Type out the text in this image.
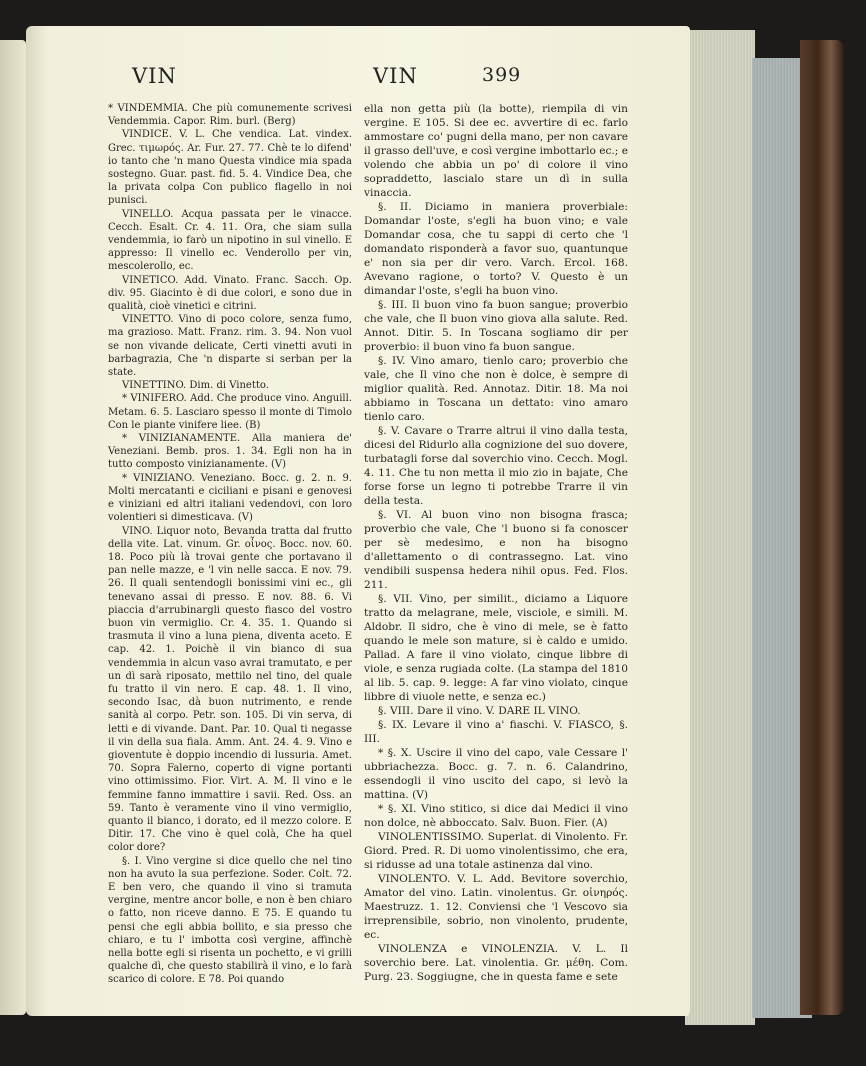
VIN	VIN	399

* VINDEMMIA. Che più comunemente scrivesi Vendemmia. Capor. Rim. burl. (Berg)

VINDICE. V. L. Che vendica. Lat. vindex. Grec. τιμωρός. Ar. Fur. 27. 77. Chè te lo difend' io tanto che 'n mano Questa vindice mia spada sostegno. Guar. past. fid. 5. 4. Vindice Dea, che la privata colpa Con publico flagello in noi punisci.

VINELLO. Acqua passata per le vinacce. Cecch. Esalt. Cr. 4. 11. Ora, che siam sulla vendemmia, io farò un nipotino in sul vinello. E appresso: Il vinello ec. Venderollo per vin, mescolerollo, ec.

VINETICO. Add. Vinato. Franc. Sacch. Op. div. 95. Giacinto è di due colori, e sono due in qualità, cioè vinetici e citrini.

VINETTO. Vino di poco colore, senza fumo, ma grazioso. Matt. Franz. rim. 3. 94. Non vuol se non vivande delicate, Certi vinetti avuti in barbagrazia, Che 'n disparte si serban per la state.

VINETTINO. Dim. di Vinetto.

* VINIFERO. Add. Che produce vino. Anguill. Metam. 6. 5. Lasciaro spesso il monte di Timolo Con le piante vinifere liee. (B)

* VINIZIANAMENTE. Alla maniera de' Veneziani. Bemb. pros. 1. 34. Egli non ha in tutto composto vinizianamente. (V)

* VINIZIANO. Veneziano. Bocc. g. 2. n. 9. Molti mercatanti e ciciliani e pisani e genovesi e viniziani ed altri italiani vedendovi, con loro volentieri si dimesticava. (V)

VINO. Liquor noto, Bevanda tratta dal frutto della vite. Lat. vinum. Gr. οἶνος. Bocc. nov. 60. 18. Poco più là trovai gente che portavano il pan nelle mazze, e 'l vin nelle sacca. E nov. 79. 26. Il quali sentendogli bonissimi vini ec., gli tenevano assai di presso. E nov. 88. 6. Vi piaccia d'arrubinargli questo fiasco del vostro buon vin vermiglio. Cr. 4. 35. 1. Quando si trasmuta il vino a luna piena, diventa aceto. E cap. 42. 1. Poichè il vin bianco di sua vendemmia in alcun vaso avrai tramutato, e per un dì sarà riposato, mettilo nel tino, del quale fu tratto il vin nero. E cap. 48. 1. Il vino, secondo Isac, dà buon nutrimento, e rende sanità al corpo. Petr. son. 105. Di vin serva, di letti e di vivande. Dant. Par. 10. Qual ti negasse il vin della sua fiala. Amm. Ant. 24. 4. 9. Vino e gioventute è doppio incendio di lussuria. Amet. 70. Sopra Falerno, coperto di vigne portanti vino ottimissimo. Fior. Virt. A. M. Il vino e le femmine fanno immattire i savii. Red. Oss. an 59. Tanto è veramente vino il vino vermiglio, quanto il bianco, i dorato, ed il mezzo colore. E Ditir. 17. Che vino è quel colà, Che ha quel color dore?

§. I. Vino vergine si dice quello che nel tino non ha avuto la sua perfezione. Soder. Colt. 72. E ben vero, che quando il vino si tramuta vergine, mentre ancor bolle, e non è ben chiaro o fatto, non riceve danno. E 75. E quando tu pensi che egli abbia bollito, e sia presso che chiaro, e tu l' imbotta così vergine, affinchè nella botte egli si risenta un pochetto, e vi grilli qualche dì, che questo stabilirà il vino, e lo farà scarico di colore. E 78. Poi quando

ella non getta più (la botte), riempila di vin vergine. E 105. Si dee ec. avvertire di ec. farlo ammostare co' pugni della mano, per non cavare il grasso dell'uve, e così vergine imbottarlo ec.; e volendo che abbia un po' di colore il vino sopraddetto, lascialo stare un dì in sulla vinaccia.

§. II. Diciamo in maniera proverbiale: Domandar l'oste, s'egli ha buon vino; e vale Domandar cosa, che tu sappi di certo che 'l domandato risponderà a favor suo, quantunque e' non sia per dir vero. Varch. Ercol. 168. Avevano ragione, o torto? V. Questo è un dimandar l'oste, s'egli ha buon vino.

§. III. Il buon vino fa buon sangue; proverbio che vale, che Il buon vino giova alla salute. Red. Annot. Ditir. 5. In Toscana sogliamo dir per proverbio: il buon vino fa buon sangue.

§. IV. Vino amaro, tienlo caro; proverbio che vale, che Il vino che non è dolce, è sempre di miglior qualità. Red. Annotaz. Ditir. 18. Ma noi abbiamo in Toscana un dettato: vino amaro tienlo caro.

§. V. Cavare o Trarre altrui il vino dalla testa, dicesi del Ridurlo alla cognizione del suo dovere, turbatagli forse dal soverchio vino. Cecch. Mogl. 4. 11. Che tu non metta il mio zio in bajate, Che forse forse un legno ti potrebbe Trarre il vin della testa.

§. VI. Al buon vino non bisogna frasca; proverbio che vale, Che 'l buono si fa conoscer per sè medesimo, e non ha bisogno d'allettamento o di contrassegno. Lat. vino vendibili suspensa hedera nihil opus. Fed. Flos. 211.

§. VII. Vino, per similit., diciamo a Liquore tratto da melagrane, mele, visciole, e simili. M. Aldobr. Il sidro, che è vino di mele, se è fatto quando le mele son mature, si è caldo e umido. Pallad. A fare il vino violato, cinque libbre di viole, e senza rugiada colte. (La stampa del 1810 al lib. 5. cap. 9. legge: A far vino violato, cinque libbre di viuole nette, e senza ec.)

§. VIII. Dare il vino. V. DARE IL VINO.

§. IX. Levare il vino a' fiaschi. V. FIASCO, §. III.

* §. X. Uscire il vino del capo, vale Cessare l' ubbriachezza. Bocc. g. 7. n. 6. Calandrino, essendogli il vino uscito del capo, si levò la mattina. (V)

* §. XI. Vino stitico, si dice dai Medici il vino non dolce, nè abboccato. Salv. Buon. Fier. (A)

VINOLENTISSIMO. Superlat. di Vinolento. Fr. Giord. Pred. R. Di uomo vinolentissimo, che era, si ridusse ad una totale astinenza dal vino.

VINOLENTO. V. L. Add. Bevitore soverchio, Amator del vino. Latin. vinolentus. Gr. οἰνηρός. Maestruzz. 1. 12. Conviensi che 'l Vescovo sia irreprensibile, sobrio, non vinolento, prudente, ec.

VINOLENZA e VINOLENZIA. V. L. Il soverchio bere. Lat. vinolentia. Gr. μέθη. Com. Purg. 23. Soggiugne, che in questa fame e sete
